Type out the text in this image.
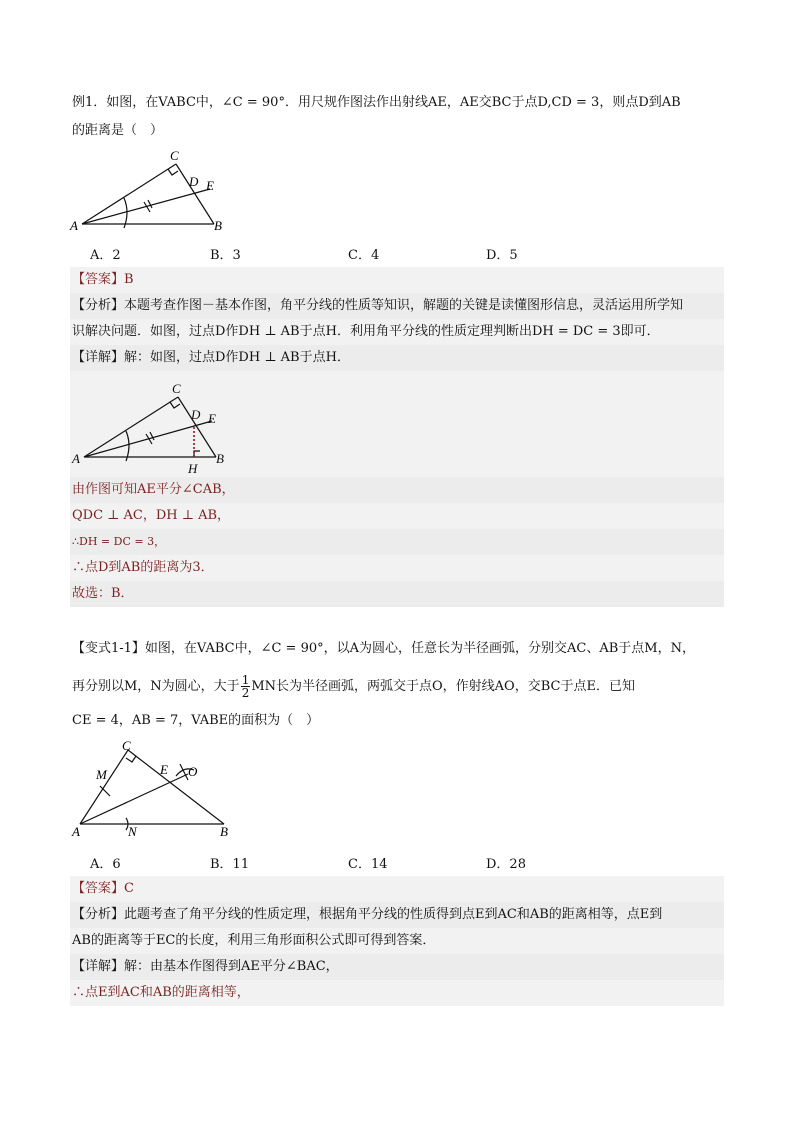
例1．如图，在VABC中，∠C = 90°．用尺规作图法作出射线AE，AE交BC于点D,CD = 3，则点D到AB
的距离是（　）
C
D E
A	B
A．2	B．3	C．4	D．5
【答案】B
【分析】本题考查作图－基本作图，角平分线的性质等知识，解题的关键是读懂图形信息，灵活运用所学知
识解决问题．如图，过点D作DH ⊥ AB于点H．利用角平分线的性质定理判断出DH = DC = 3即可．
【详解】解：如图，过点D作DH ⊥ AB于点H．
C
D E
A	B
H
由作图可知AE平分∠CAB，
QDC ⊥ AC，DH ⊥ AB，
∴DH = DC = 3，
∴点D到AB的距离为3．
故选：B．
【变式1-1】如图，在VABC中，∠C = 90°，以A为圆心，任意长为半径画弧，分别交AC、AB于点M，N，
再分别以M，N为圆心，大于 $\frac{1}{2}$ MN长为半径画弧，两弧交于点O，作射线AO，交BC于点E．已知
CE = 4，AB = 7，VABE的面积为（　）
C
M	E O
A	N	B
A．6	B．11	C．14	D．28
【答案】C
【分析】此题考查了角平分线的性质定理，根据角平分线的性质得到点E到AC和AB的距离相等，点E到
AB的距离等于EC的长度，利用三角形面积公式即可得到答案．
【详解】解：由基本作图得到AE平分∠BAC，
∴点E到AC和AB的距离相等，
